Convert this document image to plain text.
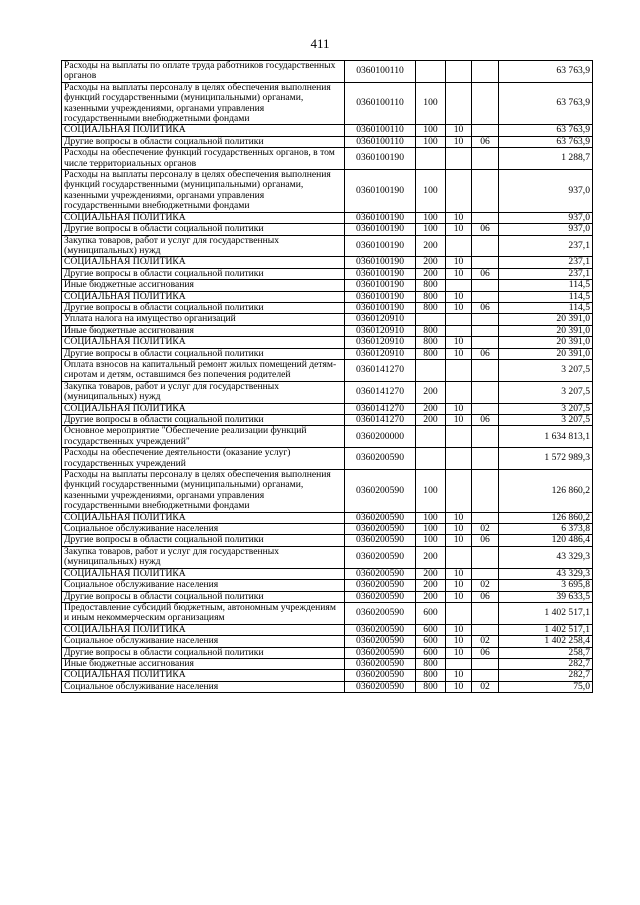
411
Расходы на выплаты по оплате труда работников государственных органов	0360100110				63 763,9
Расходы на выплаты персоналу в целях обеспечения выполнения функций государственными (муниципальными) органами, казенными учреждениями, органами управления государственными внебюджетными фондами	0360100110	100			63 763,9
СОЦИАЛЬНАЯ ПОЛИТИКА	0360100110	100	10		63 763,9
Другие вопросы в области социальной политики	0360100110	100	10	06	63 763,9
Расходы на обеспечение функций государственных органов, в том числе территориальных органов	0360100190				1 288,7
Расходы на выплаты персоналу в целях обеспечения выполнения функций государственными (муниципальными) органами, казенными учреждениями, органами управления государственными внебюджетными фондами	0360100190	100			937,0
СОЦИАЛЬНАЯ ПОЛИТИКА	0360100190	100	10		937,0
Другие вопросы в области социальной политики	0360100190	100	10	06	937,0
Закупка товаров, работ и услуг для государственных (муниципальных) нужд	0360100190	200			237,1
СОЦИАЛЬНАЯ ПОЛИТИКА	0360100190	200	10		237,1
Другие вопросы в области социальной политики	0360100190	200	10	06	237,1
Иные бюджетные ассигнования	0360100190	800			114,5
СОЦИАЛЬНАЯ ПОЛИТИКА	0360100190	800	10		114,5
Другие вопросы в области социальной политики	0360100190	800	10	06	114,5
Уплата налога на имущество организаций	0360120910				20 391,0
Иные бюджетные ассигнования	0360120910	800			20 391,0
СОЦИАЛЬНАЯ ПОЛИТИКА	0360120910	800	10		20 391,0
Другие вопросы в области социальной политики	0360120910	800	10	06	20 391,0
Оплата взносов на капитальный ремонт жилых помещений детям-сиротам и детям, оставшимся без попечения родителей	0360141270				3 207,5
Закупка товаров, работ и услуг для государственных (муниципальных) нужд	0360141270	200			3 207,5
СОЦИАЛЬНАЯ ПОЛИТИКА	0360141270	200	10		3 207,5
Другие вопросы в области социальной политики	0360141270	200	10	06	3 207,5
Основное мероприятие "Обеспечение реализации функций государственных учреждений"	0360200000				1 634 813,1
Расходы на обеспечение деятельности (оказание услуг) государственных учреждений	0360200590				1 572 989,3
Расходы на выплаты персоналу в целях обеспечения выполнения функций государственными (муниципальными) органами, казенными учреждениями, органами управления государственными внебюджетными фондами	0360200590	100			126 860,2
СОЦИАЛЬНАЯ ПОЛИТИКА	0360200590	100	10		126 860,2
Социальное обслуживание населения	0360200590	100	10	02	6 373,8
Другие вопросы в области социальной политики	0360200590	100	10	06	120 486,4
Закупка товаров, работ и услуг для государственных (муниципальных) нужд	0360200590	200			43 329,3
СОЦИАЛЬНАЯ ПОЛИТИКА	0360200590	200	10		43 329,3
Социальное обслуживание населения	0360200590	200	10	02	3 695,8
Другие вопросы в области социальной политики	0360200590	200	10	06	39 633,5
Предоставление субсидий бюджетным, автономным учреждениям и иным некоммерческим организациям	0360200590	600			1 402 517,1
СОЦИАЛЬНАЯ ПОЛИТИКА	0360200590	600	10		1 402 517,1
Социальное обслуживание населения	0360200590	600	10	02	1 402 258,4
Другие вопросы в области социальной политики	0360200590	600	10	06	258,7
Иные бюджетные ассигнования	0360200590	800			282,7
СОЦИАЛЬНАЯ ПОЛИТИКА	0360200590	800	10		282,7
Социальное обслуживание населения	0360200590	800	10	02	75,0
